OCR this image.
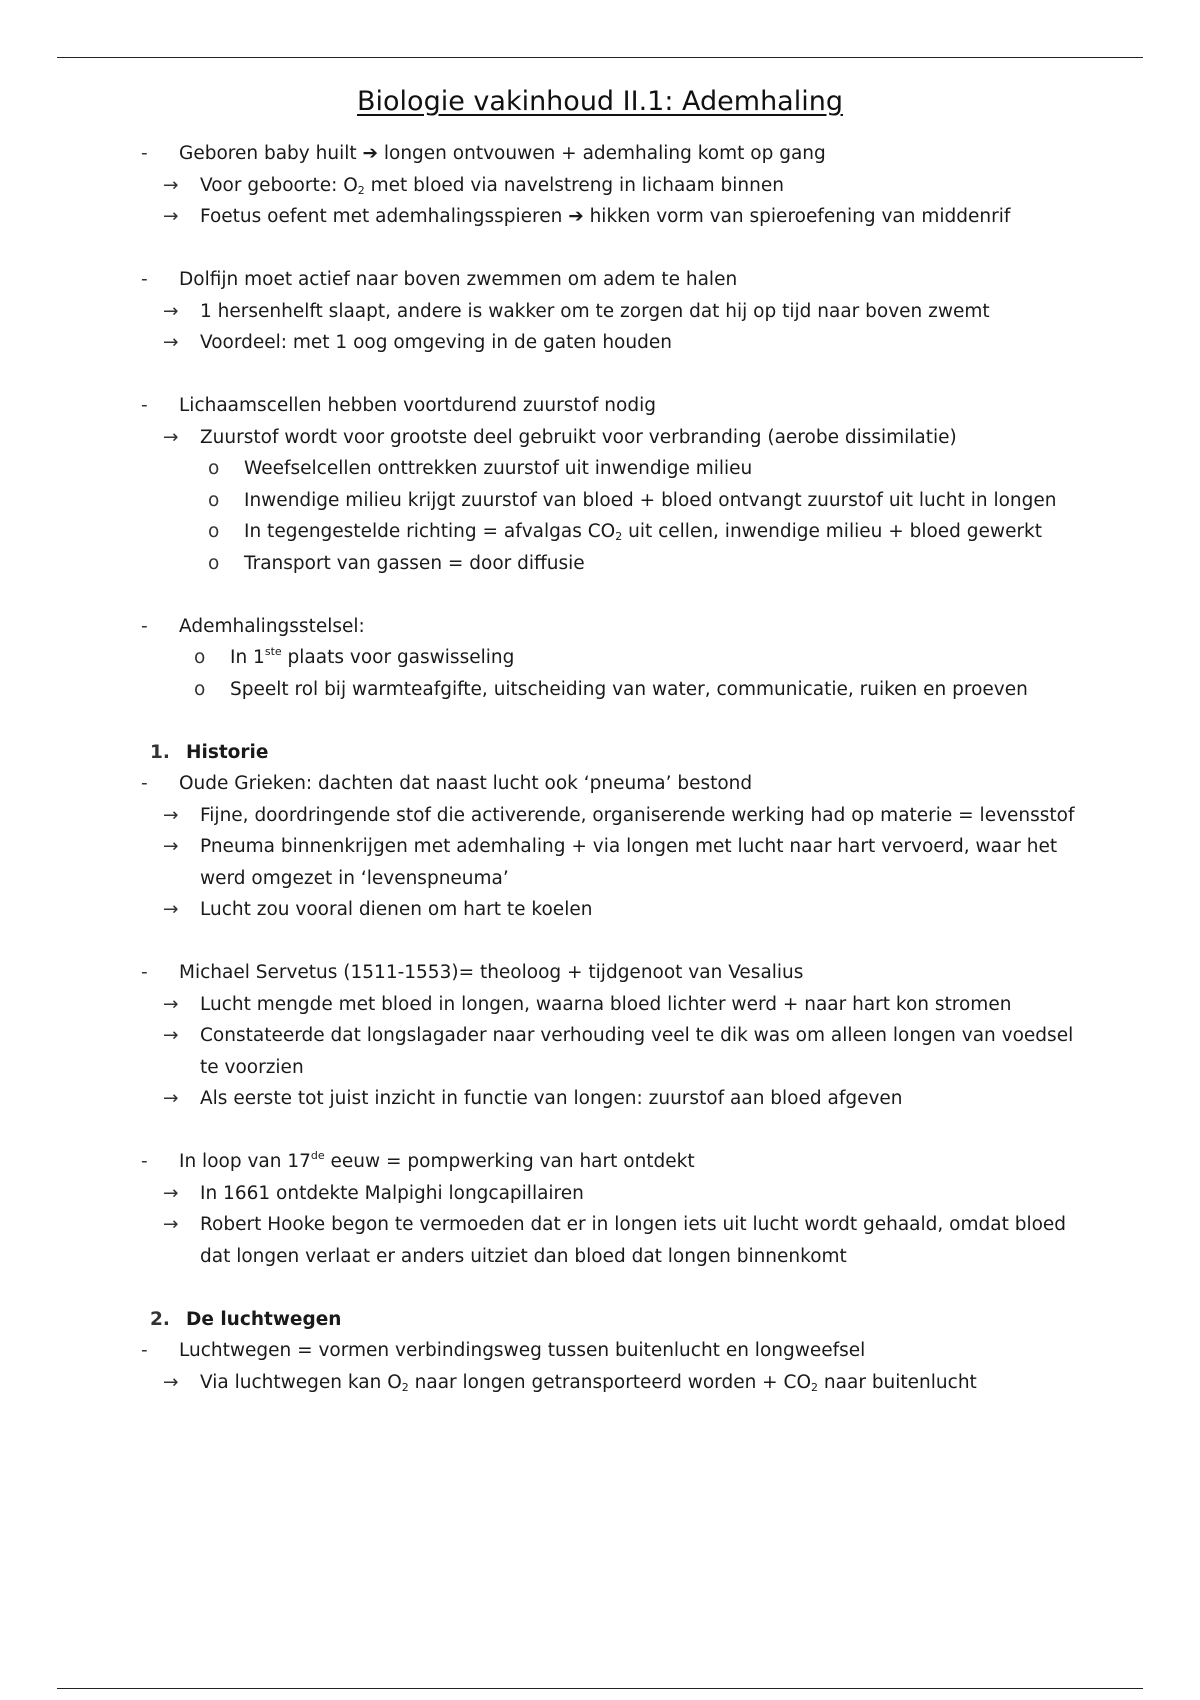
Biologie vakinhoud II.1: Ademhaling
- Geboren baby huilt ➔ longen ontvouwen + ademhaling komt op gang
→ Voor geboorte: $O_2$ met bloed via navelstreng in lichaam binnen
→ Foetus oefent met ademhalingsspieren ➔ hikken vorm van spieroefening van middenrif
- Dolfijn moet actief naar boven zwemmen om adem te halen
→ 1 hersenhelft slaapt, andere is wakker om te zorgen dat hij op tijd naar boven zwemt
→ Voordeel: met 1 oog omgeving in de gaten houden
- Lichaamscellen hebben voortdurend zuurstof nodig
→ Zuurstof wordt voor grootste deel gebruikt voor verbranding (aerobe dissimilatie)
o Weefselcellen onttrekken zuurstof uit inwendige milieu
o Inwendige milieu krijgt zuurstof van bloed + bloed ontvangt zuurstof uit lucht in longen
o In tegengestelde richting = afvalgas $CO_2$ uit cellen, inwendige milieu + bloed gewerkt
o Transport van gassen = door diffusie
- Ademhalingsstelsel:
o In 1ste plaats voor gaswisseling
o Speelt rol bij warmteafgifte, uitscheiding van water, communicatie, ruiken en proeven
1. Historie
- Oude Grieken: dachten dat naast lucht ook ‘pneuma’ bestond
→ Fijne, doordringende stof die activerende, organiserende werking had op materie = levensstof
→ Pneuma binnenkrijgen met ademhaling + via longen met lucht naar hart vervoerd, waar het
werd omgezet in ‘levenspneuma’
→ Lucht zou vooral dienen om hart te koelen
- Michael Servetus (1511-1553)= theoloog + tijdgenoot van Vesalius
→ Lucht mengde met bloed in longen, waarna bloed lichter werd + naar hart kon stromen
→ Constateerde dat longslagader naar verhouding veel te dik was om alleen longen van voedsel
te voorzien
→ Als eerste tot juist inzicht in functie van longen: zuurstof aan bloed afgeven
- In loop van 17de eeuw = pompwerking van hart ontdekt
→ In 1661 ontdekte Malpighi longcapillairen
→ Robert Hooke begon te vermoeden dat er in longen iets uit lucht wordt gehaald, omdat bloed
dat longen verlaat er anders uitziet dan bloed dat longen binnenkomt
2. De luchtwegen
- Luchtwegen = vormen verbindingsweg tussen buitenlucht en longweefsel
→ Via luchtwegen kan $O_2$ naar longen getransporteerd worden + $CO_2$ naar buitenlucht
